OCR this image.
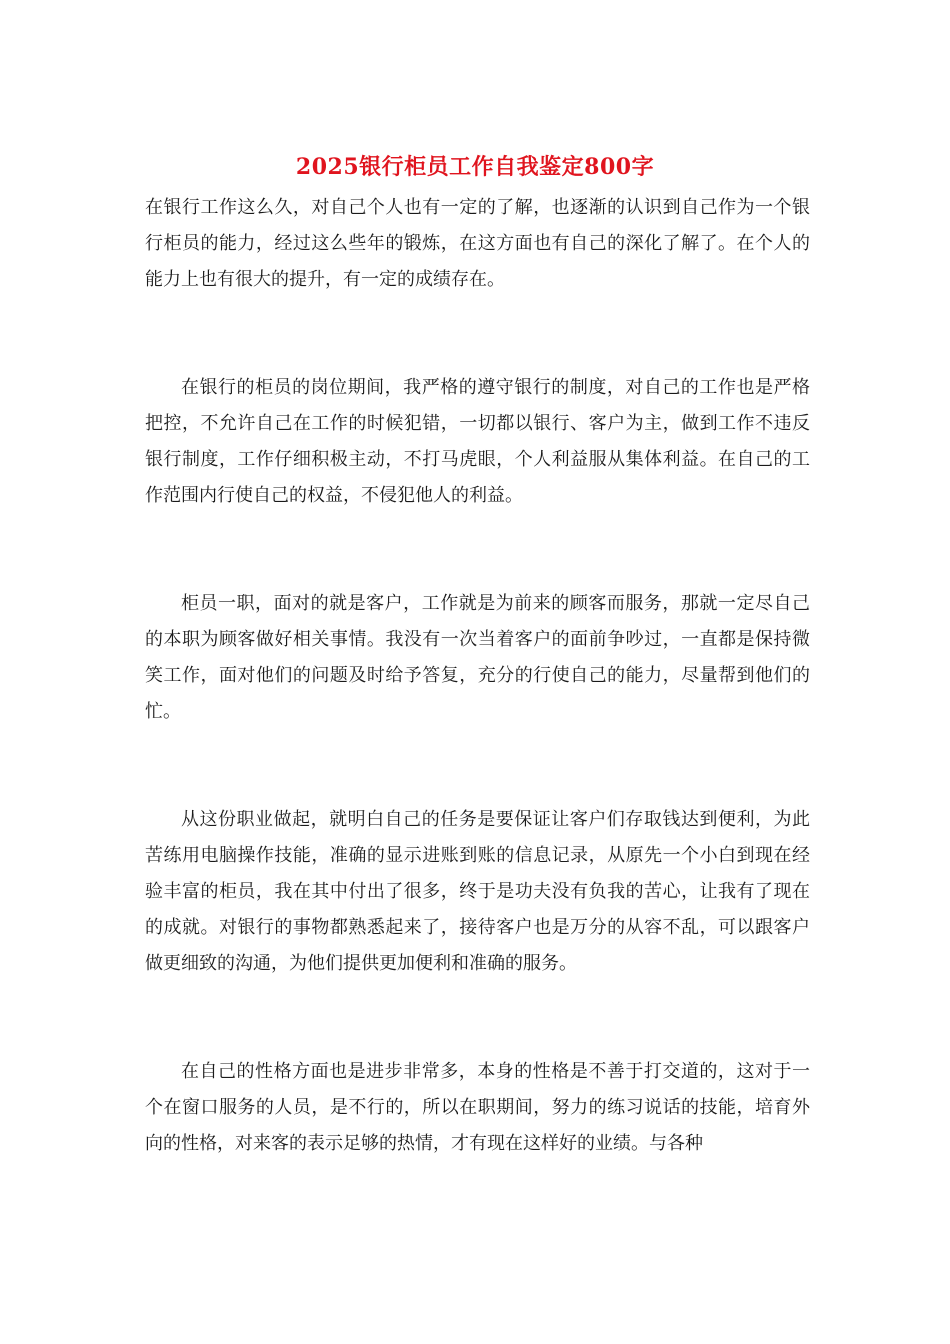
2025银行柜员工作自我鉴定800字

在银行工作这么久，对自己个人也有一定的了解，也逐渐的认识到自己作为一个银行柜员的能力，经过这么些年的锻炼，在这方面也有自己的深化了解了。在个人的能力上也有很大的提升，有一定的成绩存在。

在银行的柜员的岗位期间，我严格的遵守银行的制度，对自己的工作也是严格把控，不允许自己在工作的时候犯错，一切都以银行、客户为主，做到工作不违反银行制度，工作仔细积极主动，不打马虎眼，个人利益服从集体利益。在自己的工作范围内行使自己的权益，不侵犯他人的利益。

柜员一职，面对的就是客户，工作就是为前来的顾客而服务，那就一定尽自己的本职为顾客做好相关事情。我没有一次当着客户的面前争吵过，一直都是保持微笑工作，面对他们的问题及时给予答复，充分的行使自己的能力，尽量帮到他们的忙。

从这份职业做起，就明白自己的任务是要保证让客户们存取钱达到便利，为此苦练用电脑操作技能，准确的显示进账到账的信息记录，从原先一个小白到现在经验丰富的柜员，我在其中付出了很多，终于是功夫没有负我的苦心，让我有了现在的成就。对银行的事物都熟悉起来了，接待客户也是万分的从容不乱，可以跟客户做更细致的沟通，为他们提供更加便利和准确的服务。

在自己的性格方面也是进步非常多，本身的性格是不善于打交道的，这对于一个在窗口服务的人员，是不行的，所以在职期间，努力的练习说话的技能，培育外向的性格，对来客的表示足够的热情，才有现在这样好的业绩。与各种
